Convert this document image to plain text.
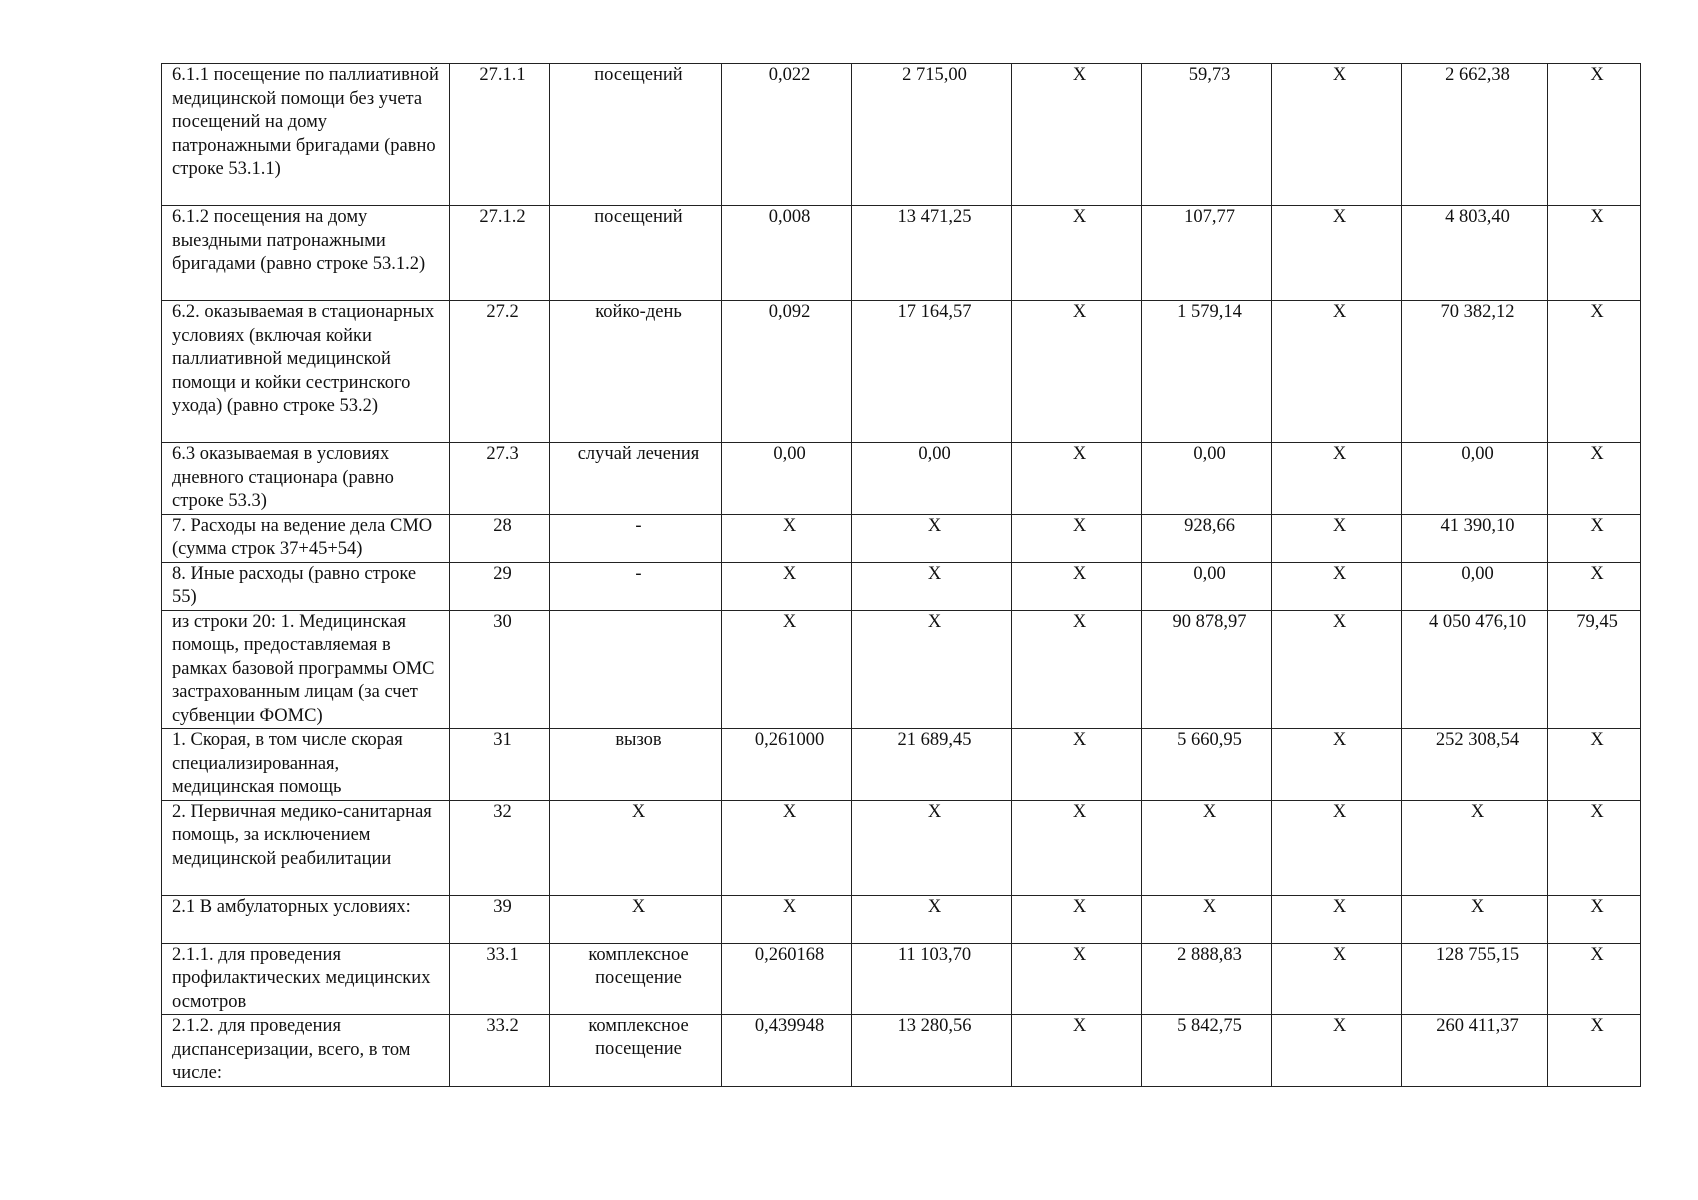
6.1.1 посещение по паллиативной медицинской помощи без учета посещений на дому патронажными бригадами (равно строке 53.1.1)	27.1.1	посещений	0,022	2 715,00	X	59,73	X	2 662,38	X
6.1.2 посещения на дому выездными патронажными бригадами (равно строке 53.1.2)	27.1.2	посещений	0,008	13 471,25	X	107,77	X	4 803,40	X
6.2. оказываемая в стационарных условиях (включая койки паллиативной медицинской помощи и койки сестринского ухода) (равно строке 53.2)	27.2	койко-день	0,092	17 164,57	X	1 579,14	X	70 382,12	X
6.3 оказываемая в условиях дневного стационара (равно строке 53.3)	27.3	случай лечения	0,00	0,00	X	0,00	X	0,00	X
7. Расходы на ведение дела СМО (сумма строк 37+45+54)	28	-	X	X	X	928,66	X	41 390,10	X
8. Иные расходы (равно строке 55)	29	-	X	X	X	0,00	X	0,00	X
из строки 20: 1. Медицинская помощь, предоставляемая в рамках базовой программы ОМС застрахованным лицам (за счет субвенции ФОМС)	30		X	X	X	90 878,97	X	4 050 476,10	79,45
1. Скорая, в том числе скорая специализированная, медицинская помощь	31	вызов	0,261000	21 689,45	X	5 660,95	X	252 308,54	X
2. Первичная медико-санитарная помощь, за исключением медицинской реабилитации	32	X	X	X	X	X	X	X	X
2.1 В амбулаторных условиях:	39	X	X	X	X	X	X	X	X
2.1.1. для проведения профилактических медицинских осмотров	33.1	комплексное посещение	0,260168	11 103,70	X	2 888,83	X	128 755,15	X
2.1.2. для проведения диспансеризации, всего, в том числе:	33.2	комплексное посещение	0,439948	13 280,56	X	5 842,75	X	260 411,37	X
